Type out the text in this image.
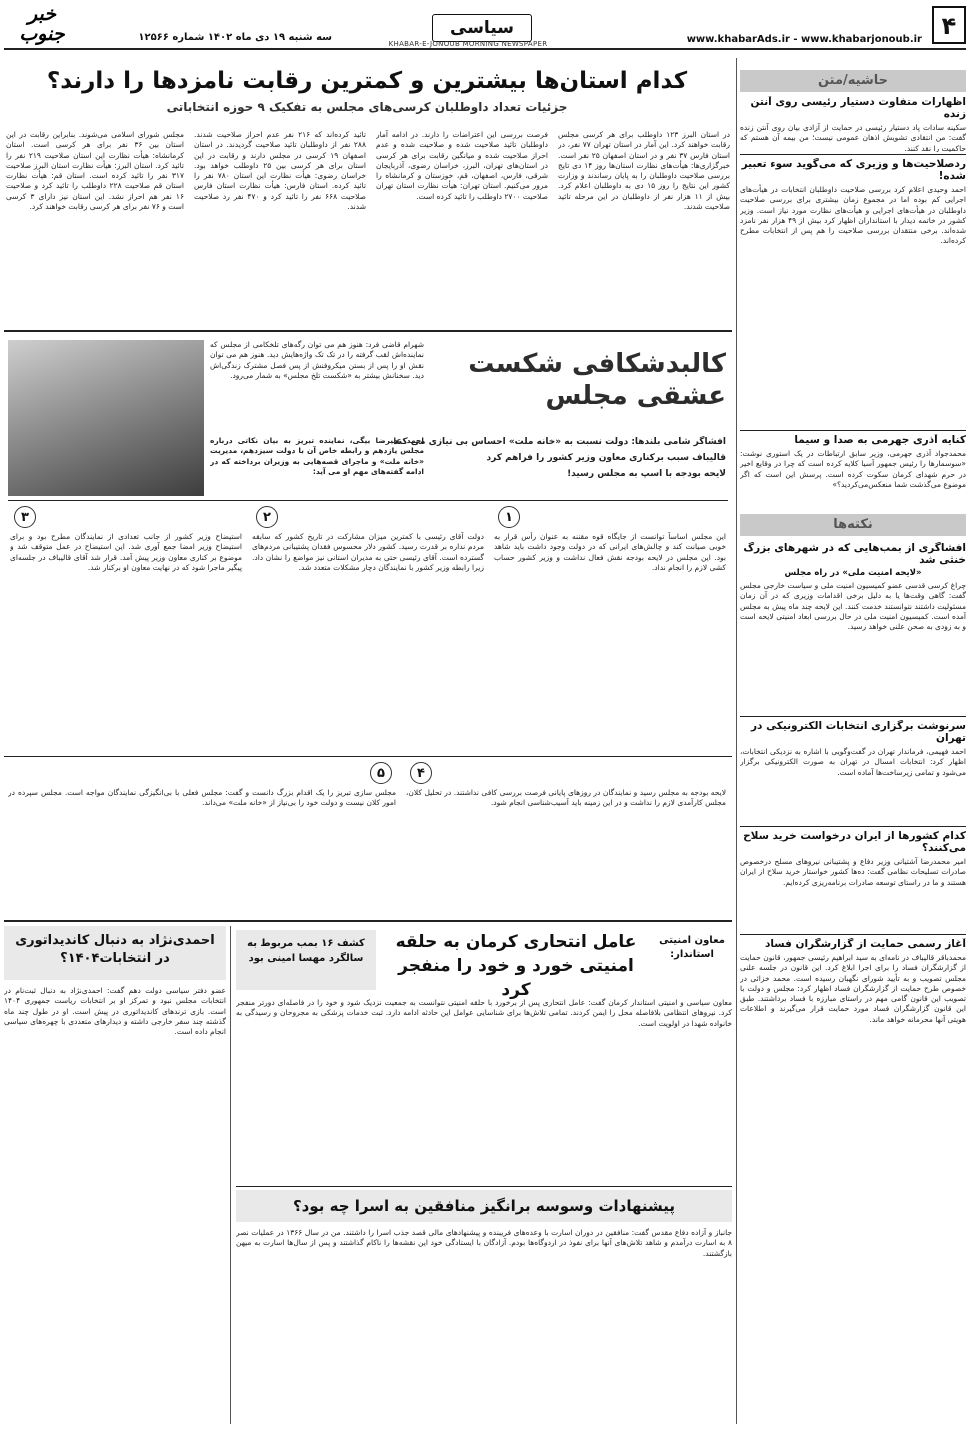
۴
www.khabarAds.ir - www.khabarjonoub.ir
سیاسی
KHABAR-E-JONOUB MORNING NEWSPAPER
سه شنبه ۱۹ دی ماه ۱۴۰۲ شماره ۱۲۵۶۶
خبر جنوب
حاشیه/متن
اظهارات متفاوت دستیار رئیسی روی آنتن زنده
سکینه سادات پاد دستیار رئیسی در حمایت از آزادی بیان روی آنتن زنده گفت: من انتقادی تشویش اذهان عمومی نیست؛ من بیمه آن هستم که حاکمیت را نقد کنند.
ردصلاحیت‌ها و وزیری که می‌گوید سوء تعبیر شده!
احمد وحیدی اعلام کرد بررسی صلاحیت داوطلبان انتخابات در هیأت‌های اجرایی کم بوده اما در مجموع زمان بیشتری برای بررسی صلاحیت داوطلبان در هیأت‌های اجرایی و هیأت‌های نظارت مورد نیاز است. وزیر کشور در خاتمه دیدار با استانداران اظهار کرد بیش از ۴۹ هزار نفر نامزد شده‌اند. برخی منتقدان بررسی صلاحیت را هم پس از انتخابات مطرح کرده‌اند.
کنایه آذری جهرمی به صدا و سیما
محمدجواد آذری جهرمی، وزیر سابق ارتباطات در یک استوری نوشت: «سوسمارها را رئیس جمهور آسیا کلایه کرده است که چرا در وقایع اخیر در حرم شهدای کرمان سکوت کرده است. پرسش این است که اگر موضوع می‌گذشت شما منعکس‌می‌کردید؟»
نکته‌ها
افشاگری از بمب‌هایی که در شهرهای بزرگ خنثی شد
«لایحه امنیت ملی» در راه مجلس
چراغ کرسی قدسی عضو کمیسیون امنیت ملی و سیاست خارجی مجلس گفت: گاهی وقت‌ها یا به دلیل برخی اقدامات وزیری که در آن زمان مسئولیت داشتند نتوانستند خدمت کنند. این لایحه چند ماه پیش به مجلس آمده است. کمیسیون امنیت ملی در حال بررسی ابعاد امنیتی لایحه است و به زودی به صحن علنی خواهد رسید.
سرنوشت برگزاری انتخابات الکترونیکی در تهران
احمد فهیمی، فرماندار تهران در گفت‌وگویی با اشاره به نزدیکی انتخابات، اظهار کرد: انتخابات امسال در تهران به صورت الکترونیکی برگزار می‌شود و تمامی زیرساخت‌ها آماده است.
کدام کشورها از ایران درخواست خرید سلاح می‌کنند؟
امیر محمدرضا آشتیانی وزیر دفاع و پشتیبانی نیروهای مسلح درخصوص صادرات تسلیحات نظامی گفت: ده‌ها کشور خواستار خرید سلاح از ایران هستند و ما در راستای توسعه صادرات برنامه‌ریزی کرده‌ایم.
آغاز رسمی حمایت از گزارشگران فساد
محمدباقر قالیباف در نامه‌ای به سید ابراهیم رئیسی جمهور، قانون حمایت از گزارشگران فساد را برای اجرا ابلاغ کرد. این قانون در جلسه علنی مجلس تصویب و به تأیید شورای نگهبان رسیده است. محمد خزائی در خصوص طرح حمایت از گزارشگران فساد اظهار کرد: مجلس و دولت با تصویب این قانون گامی مهم در راستای مبارزه با فساد برداشتند. طبق این قانون گزارشگران فساد مورد حمایت قرار می‌گیرند و اطلاعات هویتی آنها محرمانه خواهد ماند.
کدام استان‌ها بیشترین و کمترین رقابت نامزدها را دارند؟
جزئیات تعداد داوطلبان کرسی‌های مجلس به تفکیک ۹ حوزه انتخاباتی
در استان البرز ۱۲۳ داوطلب برای هر کرسی مجلس رقابت خواهند کرد. این آمار در استان تهران ۷۷ نفر، در استان فارس ۳۷ نفر و در استان اصفهان ۲۵ نفر است. خبرگزاری‌ها: هیأت‌های نظارت استان‌ها روز ۱۴ دی تایج بررسی صلاحیت داوطلبان را به پایان رساندند و وزارت کشور این نتایج را روز ۱۵ دی به داوطلبان اعلام کرد. بیش از ۱۱ هزار نفر از داوطلبان در این مرحله تائید صلاحیت شدند.
فرصت بررسی این اعتراضات را دارند. در ادامه آمار داوطلبان تائید صلاحیت شده و صلاحیت شده و عدم احراز صلاحیت شده و میانگین رقابت برای هر کرسی در استان‌های تهران، البرز، خراسان رضوی، آذربایجان شرقی، فارس، اصفهان، قم، خوزستان و کرمانشاه را مرور می‌کنیم. استان تهران: هیأت نظارت استان تهران صلاحیت ۲۷۰۰ داوطلب را تائید کرده است.
تائید کرده‌اند که ۲۱۶ نفر عدم احراز صلاحیت شدند. ۲۸۸ نفر از داوطلبان تائید صلاحیت گردیدند. در استان اصفهان ۱۹ کرسی در مجلس دارند و رقابت در این استان برای هر کرسی بین ۲۵ داوطلب خواهد بود. خراسان رضوی: هیأت نظارت این استان ۷۸۰ نفر را تائید کرده. استان فارس: هیأت نظارت استان فارس صلاحیت ۶۶۸ نفر را تائید کرد و ۴۷۰ نفر رد صلاحیت شدند.
مجلس شورای اسلامی می‌شوند. بنابراین رقابت در این استان بین ۳۶ نفر برای هر کرسی است. استان کرمانشاه: هیأت نظارت این استان صلاحیت ۲۱۹ نفر را تائید کرد. استان البرز: هیأت نظارت استان البرز صلاحیت ۳۱۷ نفر را تائید کرده است. استان قم: هیأت نظارت استان قم صلاحیت ۲۲۸ داوطلب را تائید کرد و صلاحیت ۱۶ نفر هم احراز نشد. این استان نیز دارای ۳ کرسی است و ۷۶ نفر برای هر کرسی رقابت خواهند کرد.
کالبدشکافی شکست عشقی مجلس
شهرام قاضی فرد: هنوز هم می توان رگه‌های تلخکامی از مجلس که نماینده‌اش لقب گرفته را در تک تک واژه‌هایش دید. هنوز هم می توان نقش او را پس از بستن میکروفنش از پس فصل مشترک زندگی‌اش دید. سخنانش بیشتر به «شکست تلخ مجلس» به شمار می‌رود.
افشاگر شامی بلندها: دولت نسبت به «خانه ملت» احساس بی نیازی می کند
قالیباف سبب برکناری معاون وزیر کشور را فراهم کرد
لایحه بودجه با اسپ به مجلس رسید!
احمد علیرضا بیگی، نماینده تبریز به بیان نکاتی درباره مجلس یازدهم و رابطه خاص آن با دولت سیزدهم، مدیریت «خانه ملت» و ماجرای قصه‌هایی به وزیران برداخته که در ادامه گفته‌های مهم او می آید:
۱
این مجلس اساساً توانست از جایگاه قوه مقننه به عنوان رأس قرار به خوبی صیانت کند و چالش‌های ایرانی که در دولت وجود داشت باید شاهد بود. این مجلس در لایحه بودجه نقش فعال نداشت و وزیر کشور حساب کشی لازم را انجام نداد.
۲
دولت آقای رئیسی با کمترین میزان مشارکت در تاریخ کشور که سابقه مردم نداره بر قدرت رسید. کشور دلار محسوس فقدان پشتیبانی مردم‌های گسترده است. آقای رئیسی حتی به مدیران استانی نیز مواضع را نشان داد. زیرا رابطه وزیر کشور با نمایندگان دچار مشکلات متعدد شد.
۳
استیضاح وزیر کشور از جانب تعدادی از نمایندگان مطرح بود و برای استیضاح وزیر امضا جمع آوری شد. این استیضاح در عمل متوقف شد و موضوع بر کناری معاون وزیر پیش آمد. قرار شد آقای قالیباف در جلسه‌ای پیگیر ماجرا شود که در نهایت معاون او برکنار شد.
۴
لایحه بودجه به مجلس رسید و نمایندگان در روزهای پایانی فرصت بررسی کافی نداشتند. در تحلیل کلان، مجلس کارآمدی لازم را نداشت و در این زمینه باید آسیب‌شناسی انجام شود.
۵
مجلس سازی تبریز را یک اقدام بزرگ دانست و گفت: مجلس فعلی با بی‌انگیزگی نمایندگان مواجه است. مجلس سپرده در امور کلان نیست و دولت خود را بی‌نیاز از «خانه ملت» می‌داند.
احمدی‌نژاد به دنبال کاندیداتوری در انتخابات۱۴۰۴؟
عضو دفتر سیاسی دولت دهم گفت: احمدی‌نژاد به دنبال ثبت‌نام در انتخابات مجلس نبود و تمرکز او بر انتخابات ریاست جمهوری ۱۴۰۴ است. بازی ترندهای کاندیداتوری در پیش است. او در طول چند ماه گذشته چند سفر خارجی داشته و دیدارهای متعددی با چهره‌های سیاسی انجام داده است.
معاون امنیتی استاندار:
عامل انتحاری کرمان به حلقه امنیتی خورد و خود را منفجر کرد
کشف ۱۶ بمب مربوط به سالگرد مهسا امینی بود
معاون سیاسی و امنیتی استاندار کرمان گفت: عامل انتحاری پس از برخورد با حلقه امنیتی نتوانست به جمعیت نزدیک شود و خود را در فاصله‌ای دورتر منفجر کرد. نیروهای انتظامی بلافاصله محل را ایمن کردند. تمامی تلاش‌ها برای شناسایی عوامل این حادثه ادامه دارد. ثبت خدمات پزشکی به مجروحان و رسیدگی به خانواده شهدا در اولویت است.
پیشنهادات وسوسه برانگیز منافقین به اسرا چه بود؟
جانباز و آزاده دفاع مقدس گفت: منافقین در دوران اسارت با وعده‌های فریبنده و پیشنهادهای مالی قصد جذب اسرا را داشتند. من در سال ۱۳۶۶ در عملیات نصر ۸ به اسارت درآمدم و شاهد تلاش‌های آنها برای نفوذ در اردوگاه‌ها بودم. آزادگان با ایستادگی خود این نقشه‌ها را ناکام گذاشتند و پس از سال‌ها اسارت به میهن بازگشتند.
